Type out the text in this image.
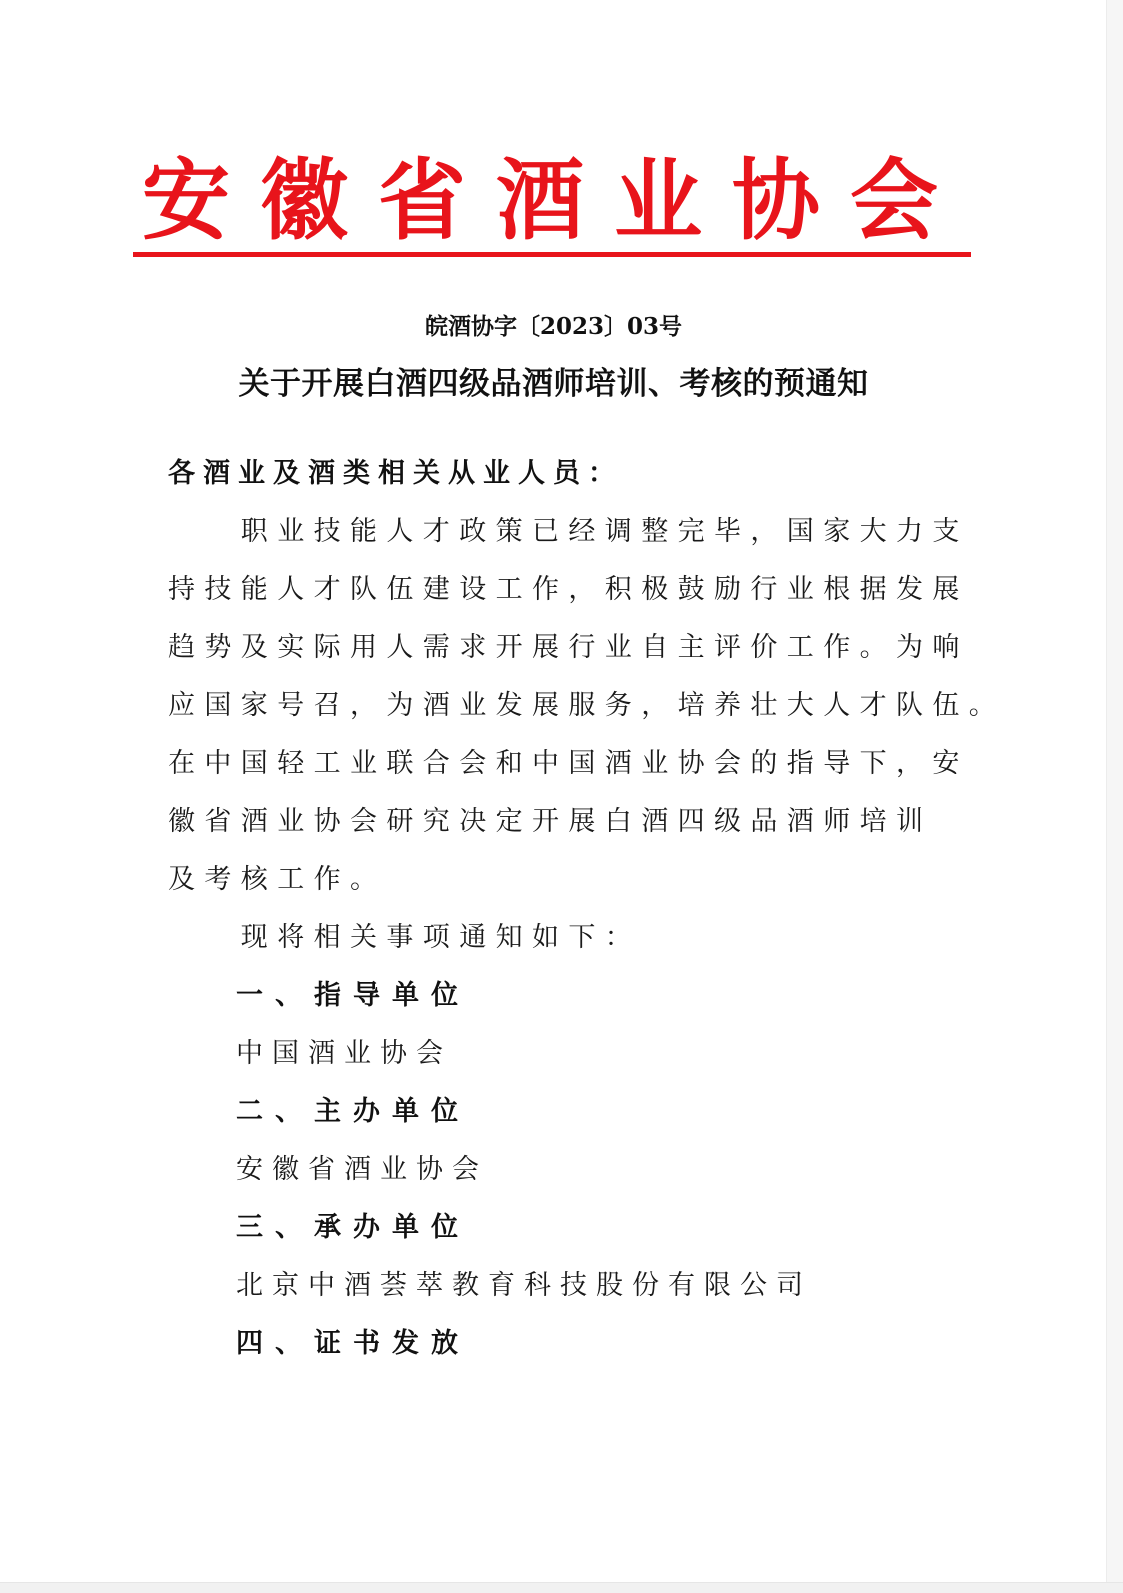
安徽省酒业协会
皖酒协字〔2023〕03号
关于开展白酒四级品酒师培训、考核的预通知
各酒业及酒类相关从业人员：
　　职业技能人才政策已经调整完毕，国家大力支
持技能人才队伍建设工作，积极鼓励行业根据发展
趋势及实际用人需求开展行业自主评价工作。为响
应国家号召，为酒业发展服务，培养壮大人才队伍。
在中国轻工业联合会和中国酒业协会的指导下，安
徽省酒业协会研究决定开展白酒四级品酒师培训
及考核工作。
　　现将相关事项通知如下：
一、指导单位
中国酒业协会
二、主办单位
安徽省酒业协会
三、承办单位
北京中酒荟萃教育科技股份有限公司
四、证书发放
